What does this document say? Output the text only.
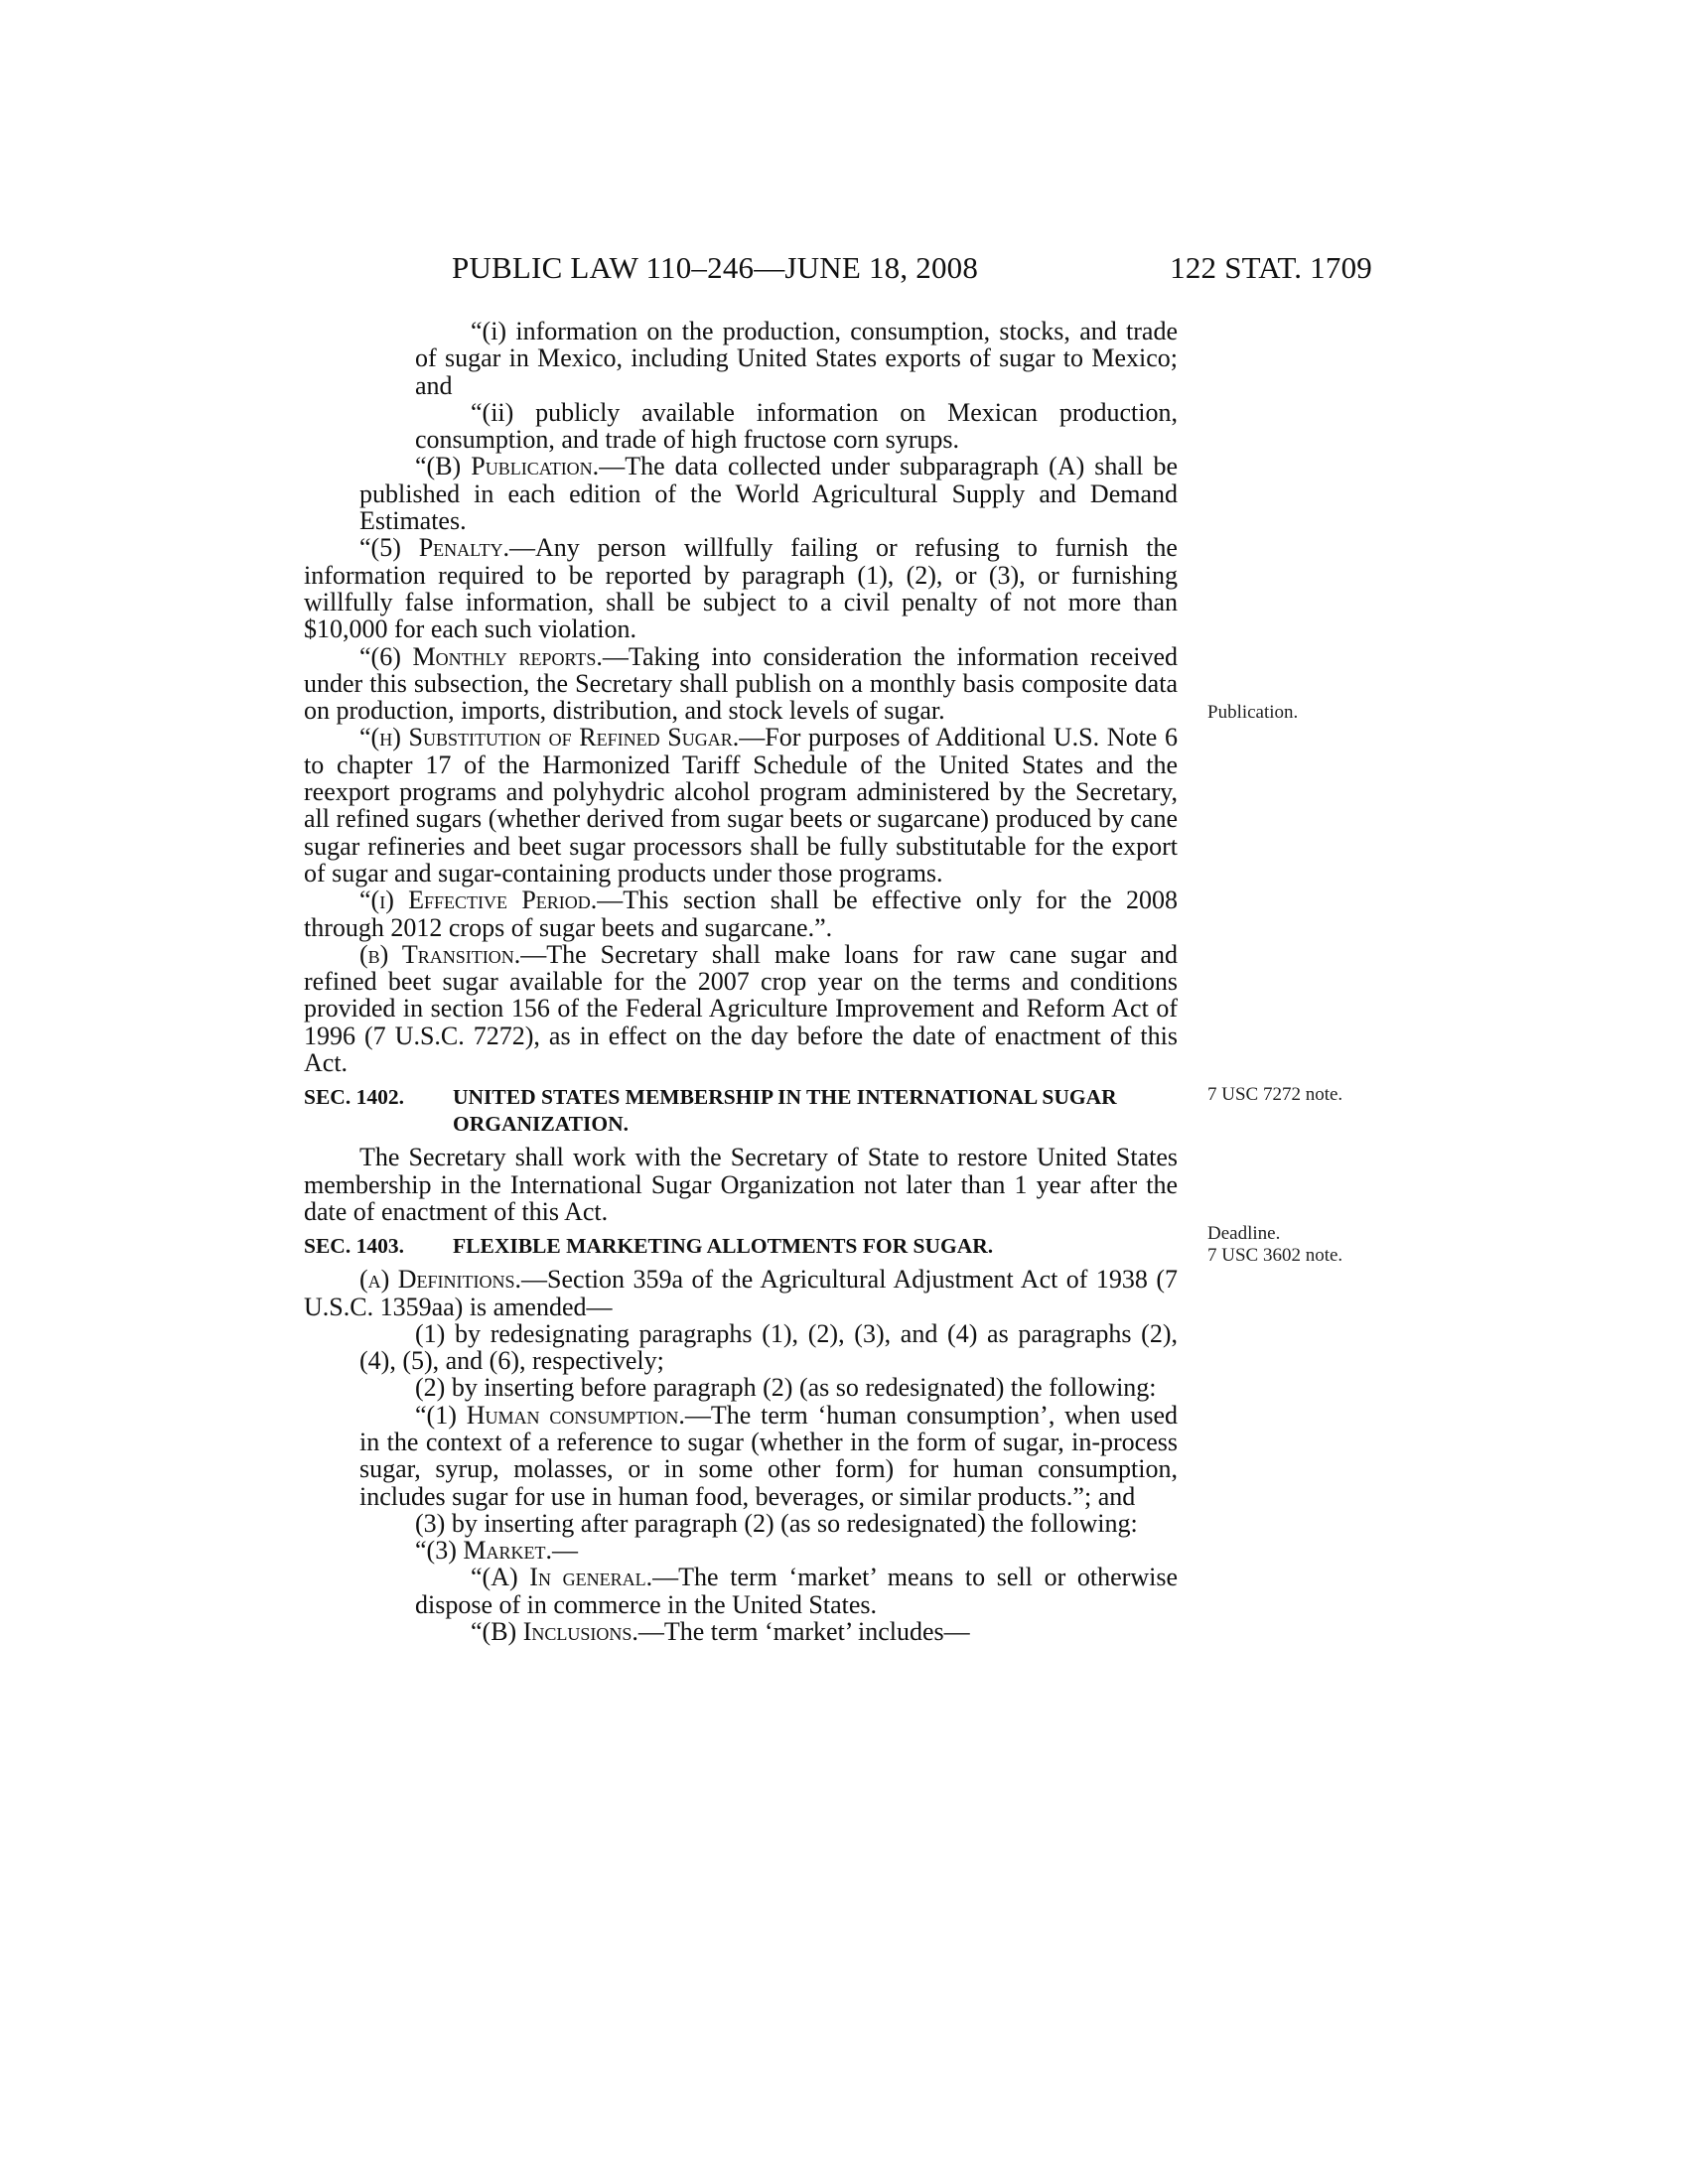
PUBLIC LAW 110–246—JUNE 18, 2008	122 STAT. 1709

“(i) information on the production, consumption, stocks, and trade of sugar in Mexico, including United States exports of sugar to Mexico; and

“(ii) publicly available information on Mexican production, consumption, and trade of high fructose corn syrups.

“(B) Publication.—The data collected under subparagraph (A) shall be published in each edition of the World Agricultural Supply and Demand Estimates.

“(5) Penalty.—Any person willfully failing or refusing to furnish the information required to be reported by paragraph (1), (2), or (3), or furnishing willfully false information, shall be subject to a civil penalty of not more than $10,000 for each such violation.

“(6) Monthly reports.—Taking into consideration the information received under this subsection, the Secretary shall publish on a monthly basis composite data on production, imports, distribution, and stock levels of sugar.

“(h) Substitution of Refined Sugar.—For purposes of Additional U.S. Note 6 to chapter 17 of the Harmonized Tariff Schedule of the United States and the reexport programs and polyhydric alcohol program administered by the Secretary, all refined sugars (whether derived from sugar beets or sugarcane) produced by cane sugar refineries and beet sugar processors shall be fully substitutable for the export of sugar and sugar-containing products under those programs.

“(i) Effective Period.—This section shall be effective only for the 2008 through 2012 crops of sugar beets and sugarcane.”.

(b) Transition.—The Secretary shall make loans for raw cane sugar and refined beet sugar available for the 2007 crop year on the terms and conditions provided in section 156 of the Federal Agriculture Improvement and Reform Act of 1996 (7 U.S.C. 7272), as in effect on the day before the date of enactment of this Act.

SEC. 1402. UNITED STATES MEMBERSHIP IN THE INTERNATIONAL SUGAR ORGANIZATION.

The Secretary shall work with the Secretary of State to restore United States membership in the International Sugar Organization not later than 1 year after the date of enactment of this Act.

SEC. 1403. FLEXIBLE MARKETING ALLOTMENTS FOR SUGAR.

(a) Definitions.—Section 359a of the Agricultural Adjustment Act of 1938 (7 U.S.C. 1359aa) is amended—

(1) by redesignating paragraphs (1), (2), (3), and (4) as paragraphs (2), (4), (5), and (6), respectively;

(2) by inserting before paragraph (2) (as so redesignated) the following:

“(1) Human consumption.—The term ‘human consumption’, when used in the context of a reference to sugar (whether in the form of sugar, in-process sugar, syrup, molasses, or in some other form) for human consumption, includes sugar for use in human food, beverages, or similar products.”; and

(3) by inserting after paragraph (2) (as so redesignated) the following:

“(3) Market.—

“(A) In general.—The term ‘market’ means to sell or otherwise dispose of in commerce in the United States.

“(B) Inclusions.—The term ‘market’ includes—

Publication.
7 USC 7272 note.
Deadline.
7 USC 3602 note.
